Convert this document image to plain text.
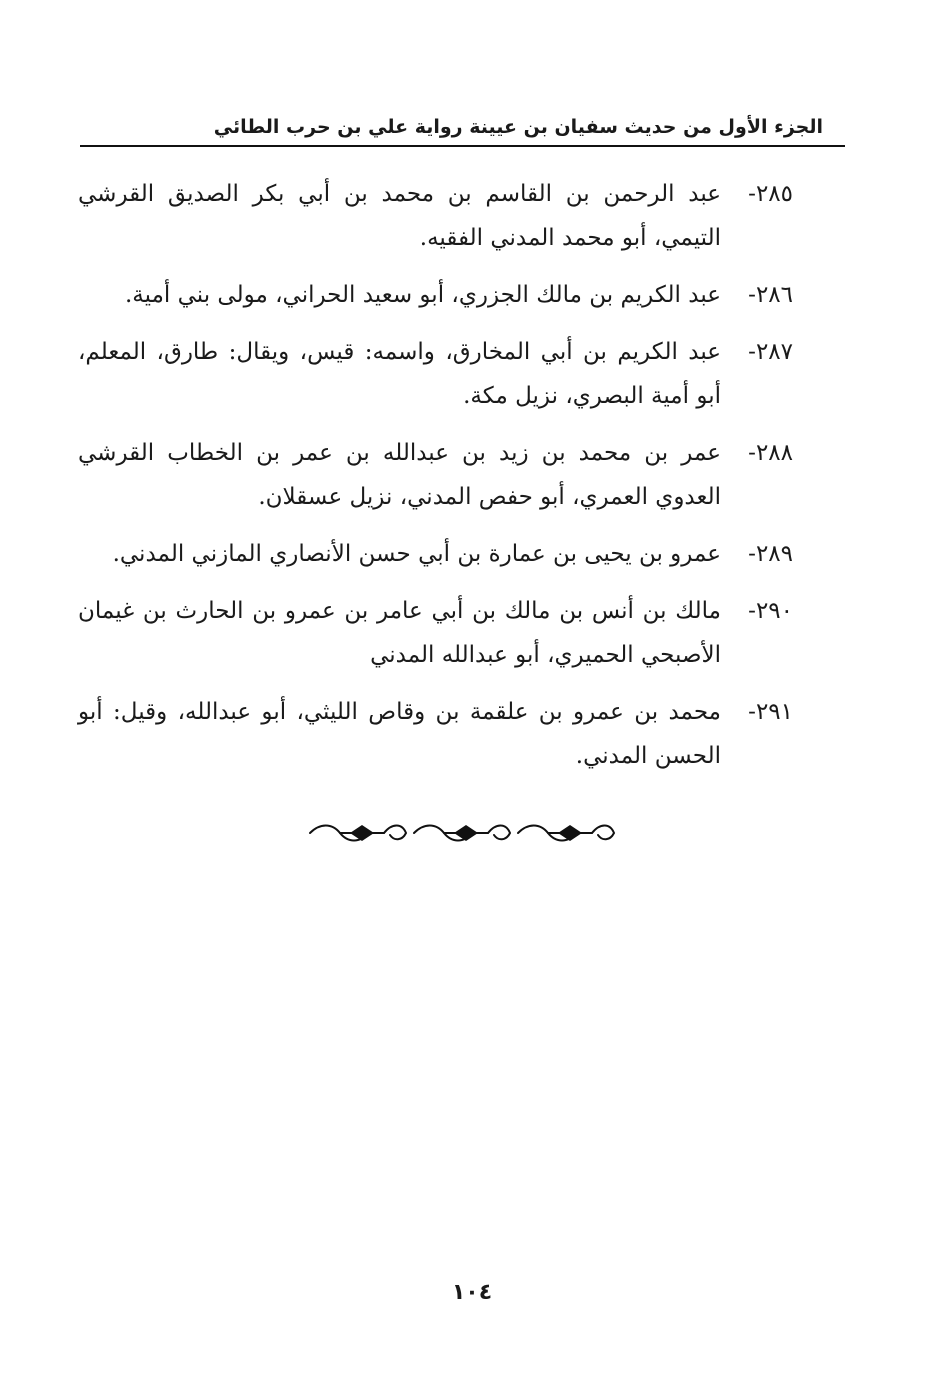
الجزء الأول من حديث سفيان بن عيينة رواية علي بن حرب الطائي
٢٨٥-
عبد الرحمن بن القاسم بن محمد بن أبي بكر الصديق القرشي التيمي، أبو محمد المدني الفقيه.
٢٨٦-
عبد الكريم بن مالك الجزري، أبو سعيد الحراني، مولى بني أمية.
٢٨٧-
عبد الكريم بن أبي المخارق، واسمه: قيس، ويقال: طارق، المعلم، أبو أمية البصري، نزيل مكة.
٢٨٨-
عمر بن محمد بن زيد بن عبدالله بن عمر بن الخطاب القرشي العدوي العمري، أبو حفص المدني، نزيل عسقلان.
٢٨٩-
عمرو بن يحيى بن عمارة بن أبي حسن الأنصاري المازني المدني.
٢٩٠-
مالك بن أنس بن مالك بن أبي عامر بن عمرو بن الحارث بن غيمان الأصبحي الحميري، أبو عبدالله المدني
٢٩١-
محمد بن عمرو بن علقمة بن وقاص الليثي، أبو عبدالله، وقيل: أبو الحسن المدني.
١٠٤
